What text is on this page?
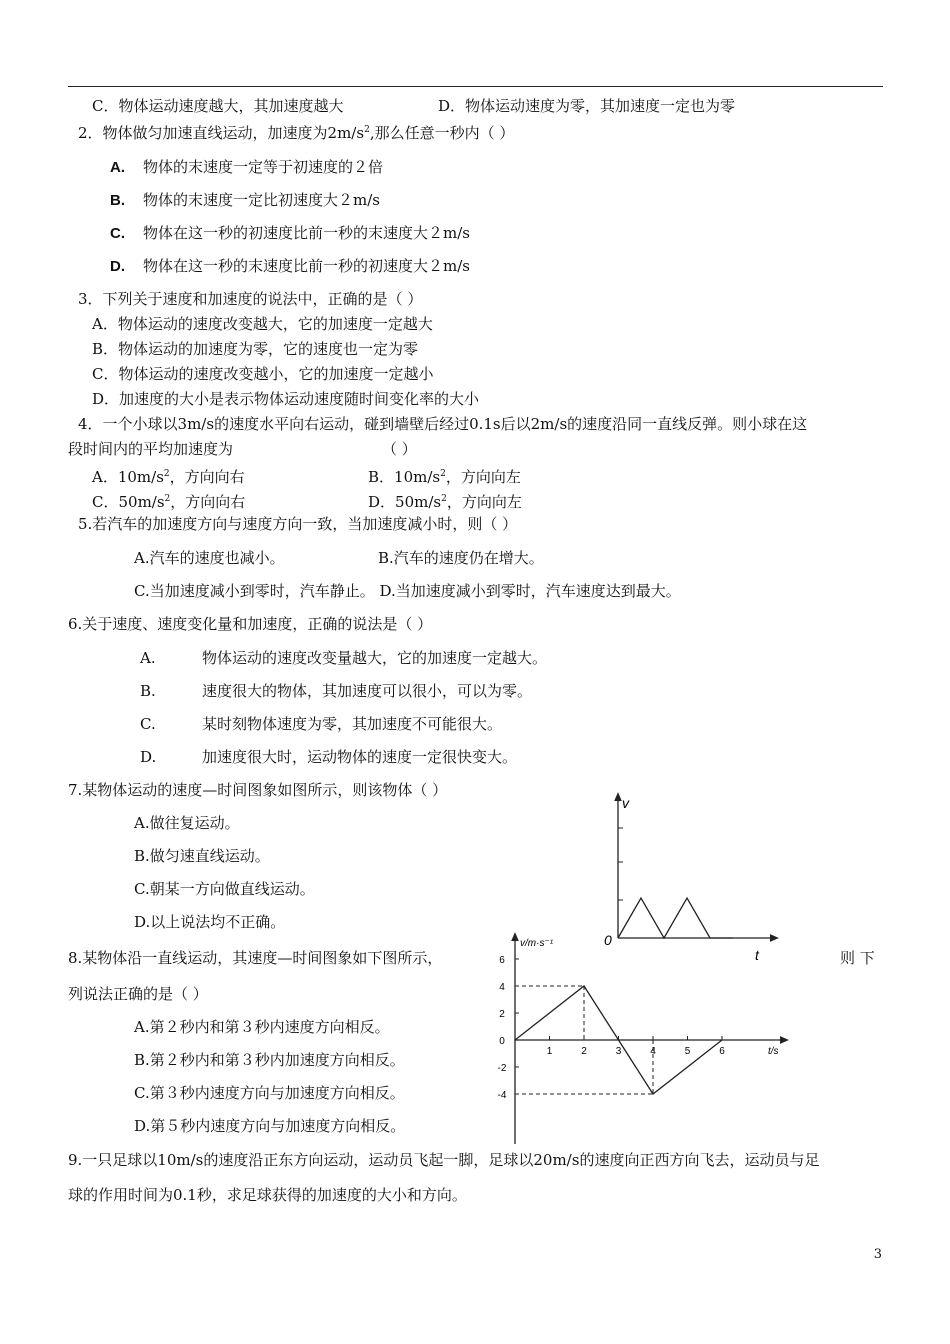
C．物体运动速度越大，其加速度越大	D．物体运动速度为零，其加速度一定也为零
2．物体做匀加速直线运动，加速度为$2m/s^2$,那么任意一秒内（ ）
A. 物体的末速度一定等于初速度的２倍
B. 物体的末速度一定比初速度大２m/s
C. 物体在这一秒的初速度比前一秒的末速度大２m/s
D. 物体在这一秒的末速度比前一秒的初速度大２m/s
3．下列关于速度和加速度的说法中，正确的是（ ）
A．物体运动的速度改变越大，它的加速度一定越大
B．物体运动的加速度为零，它的速度也一定为零
C．物体运动的速度改变越小，它的加速度一定越小
D．加速度的大小是表示物体运动速度随时间变化率的大小
4．一个小球以3m/s的速度水平向右运动，碰到墙壁后经过0.1s后以2m/s的速度沿同一直线反弹。则小球在这
段时间内的平均加速度为	（ ）
A．$10m/s^2$，方向向右	B．$10m/s^2$，方向向左
C．$50m/s^2$，方向向右	D．$50m/s^2$，方向向左
5.若汽车的加速度方向与速度方向一致，当加速度减小时，则（ ）
A.汽车的速度也减小。	B.汽车的速度仍在增大。
C.当加速度减小到零时，汽车静止。 D.当加速度减小到零时，汽车速度达到最大。
6.关于速度、速度变化量和加速度，正确的说法是（ ）
A.	物体运动的速度改变量越大，它的加速度一定越大。
B.	速度很大的物体，其加速度可以很小，可以为零。
C.	某时刻物体速度为零，其加速度不可能很大。
D.	加速度很大时，运动物体的速度一定很快变大。
7.某物体运动的速度—时间图象如图所示，则该物体（ ）
A.做往复运动。
B.做匀速直线运动。
C.朝某一方向做直线运动。
D.以上说法均不正确。
v
t
0
8.某物体沿一直线运动，其速度—时间图象如下图所示，	则 下
列说法正确的是（ ）
A.第２秒内和第３秒内速度方向相反。
B.第２秒内和第３秒内加速度方向相反。
C.第３秒内速度方向与加速度方向相反。
D.第５秒内速度方向与加速度方向相反。
v/m·s⁻¹
t/s
6
4
2
0
-2
-4
1	2	3	4	5	6
9.一只足球以10m/s的速度沿正东方向运动，运动员飞起一脚，足球以20m/s的速度向正西方向飞去，运动员与足
球的作用时间为0.1秒，求足球获得的加速度的大小和方向。
3
